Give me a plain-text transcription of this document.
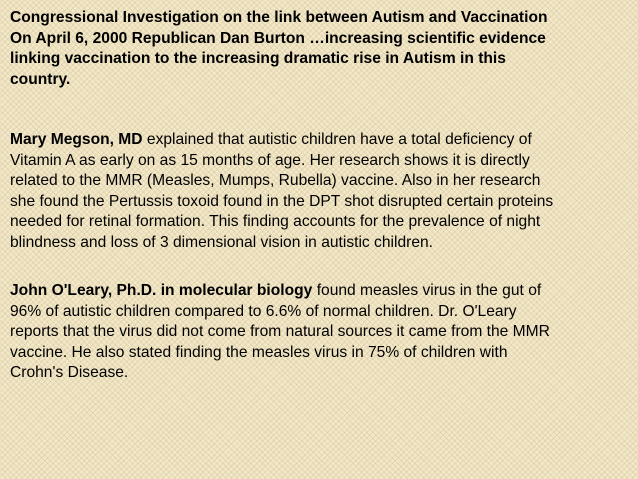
Congressional Investigation on the link between Autism and Vaccination
On April 6, 2000 Republican Dan Burton …increasing scientific evidence
linking vaccination to the increasing dramatic rise in Autism in this
country.
Mary Megson, MD explained that autistic children have a total deficiency of
Vitamin A as early on as 15 months of age. Her research shows it is directly
related to the MMR (Measles, Mumps, Rubella) vaccine. Also in her research
she found the Pertussis toxoid found in the DPT shot disrupted certain proteins
needed for retinal formation. This finding accounts for the prevalence of night
blindness and loss of 3 dimensional vision in autistic children.
John O'Leary, Ph.D. in molecular biology found measles virus in the gut of
96% of autistic children compared to 6.6% of normal children. Dr. O'Leary
reports that the virus did not come from natural sources it came from the MMR
vaccine. He also stated finding the measles virus in 75% of children with
Crohn's Disease.
